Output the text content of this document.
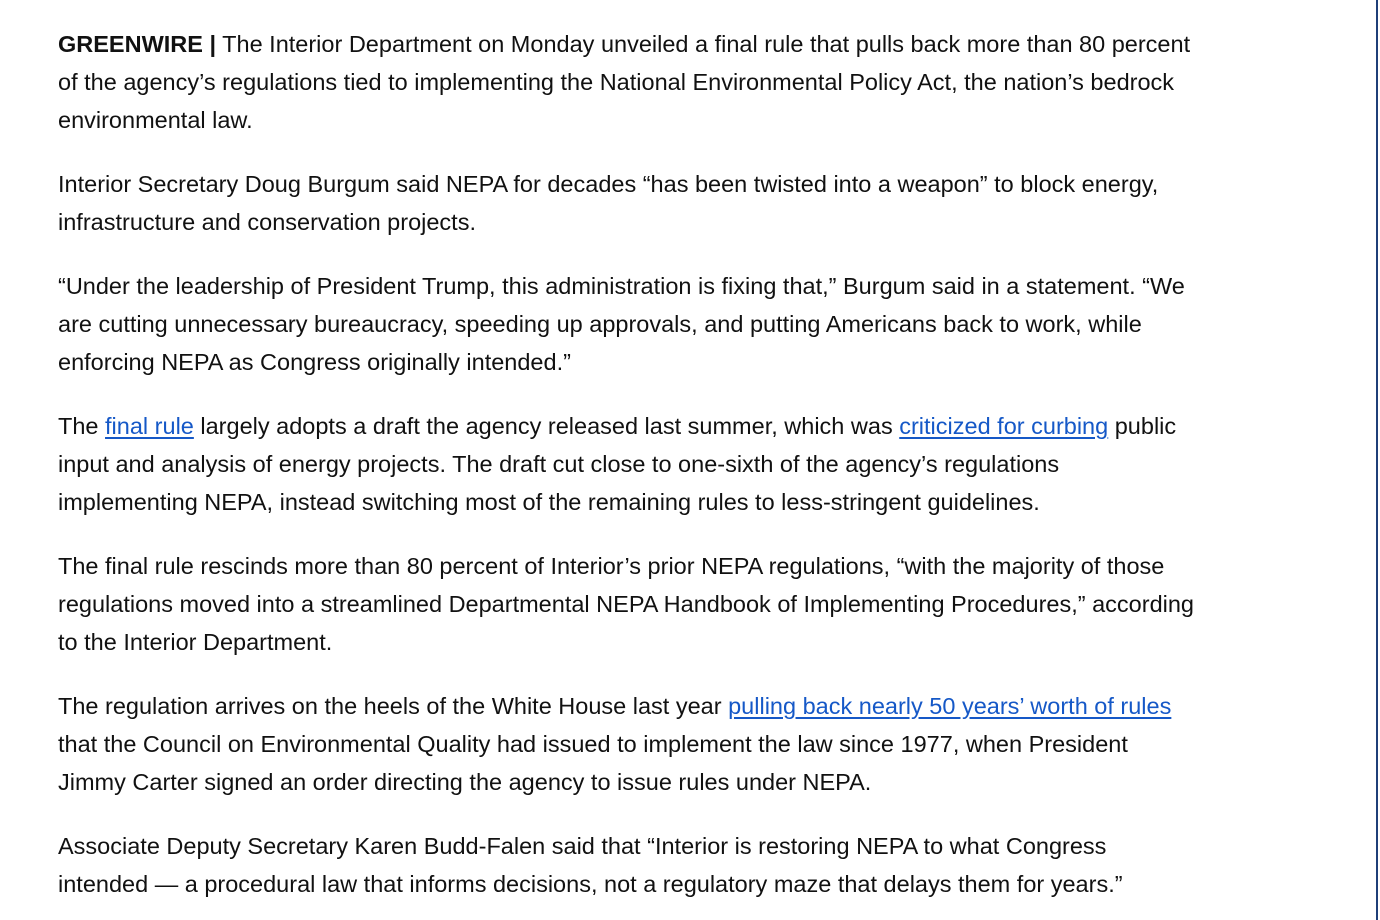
GREENWIRE | The Interior Department on Monday unveiled a final rule that pulls back more than 80 percent
of the agency’s regulations tied to implementing the National Environmental Policy Act, the nation’s bedrock
environmental law.

Interior Secretary Doug Burgum said NEPA for decades “has been twisted into a weapon” to block energy,
infrastructure and conservation projects.

“Under the leadership of President Trump, this administration is fixing that,” Burgum said in a statement. “We
are cutting unnecessary bureaucracy, speeding up approvals, and putting Americans back to work, while
enforcing NEPA as Congress originally intended.”

The final rule largely adopts a draft the agency released last summer, which was criticized for curbing public
input and analysis of energy projects. The draft cut close to one-sixth of the agency’s regulations
implementing NEPA, instead switching most of the remaining rules to less-stringent guidelines.

The final rule rescinds more than 80 percent of Interior’s prior NEPA regulations, “with the majority of those
regulations moved into a streamlined Departmental NEPA Handbook of Implementing Procedures,” according
to the Interior Department.

The regulation arrives on the heels of the White House last year pulling back nearly 50 years’ worth of rules
that the Council on Environmental Quality had issued to implement the law since 1977, when President
Jimmy Carter signed an order directing the agency to issue rules under NEPA.

Associate Deputy Secretary Karen Budd-Falen said that “Interior is restoring NEPA to what Congress
intended — a procedural law that informs decisions, not a regulatory maze that delays them for years.”
